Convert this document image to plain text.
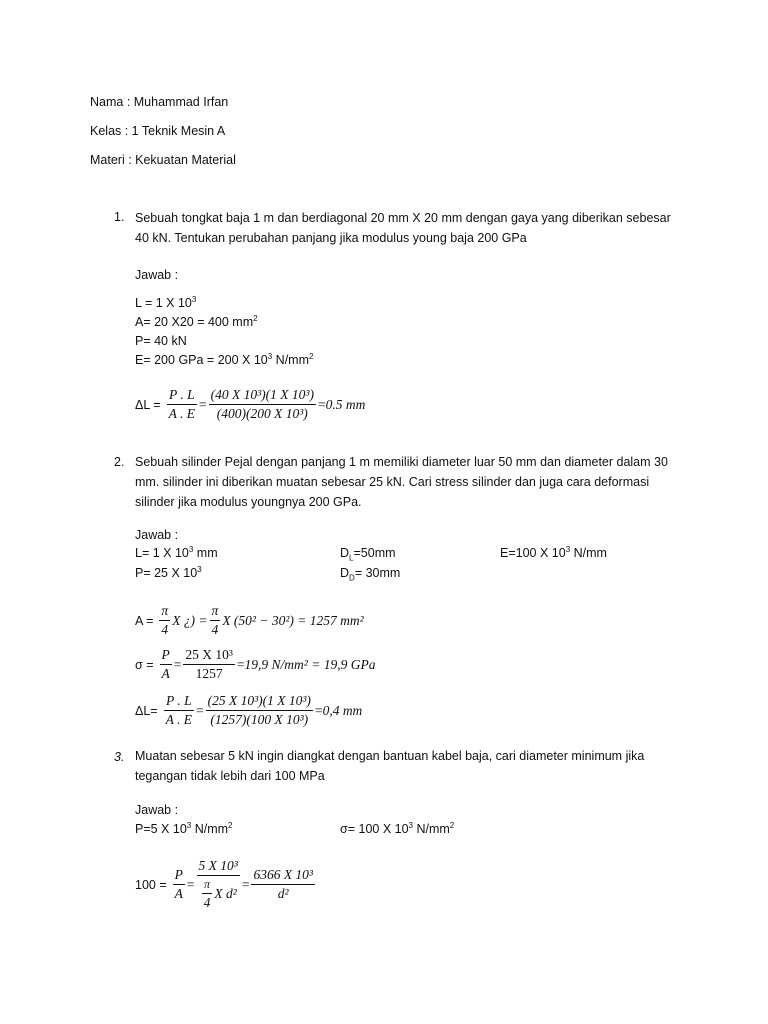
Nama : Muhammad Irfan
Kelas : 1 Teknik Mesin A
Materi : Kekuatan Material
1. Sebuah tongkat baja 1 m dan berdiagonal 20 mm X 20 mm dengan gaya yang diberikan sebesar 40 kN. Tentukan perubahan panjang jika modulus young baja 200 GPa
Jawab :
L = 1 X $10^3$
A= 20 X20 = 400 $mm^2$
P= 40 kN
E= 200 GPa = 200 X $10^3$ $N/mm^2$
$\Delta L = \frac{P . L}{A . E} = \frac{\text{(40 X 10³)(1 X 10³)}}{\text{(400)(200 X 10³)}} = 0.5$ mm
2. Sebuah silinder Pejal dengan panjang 1 m memiliki diameter luar 50 mm dan diameter dalam 30 mm. silinder ini diberikan muatan sebesar 25 kN. Cari stress silinder dan juga cara deformasi silinder jika modulus youngnya 200 GPa.
Jawab :
L= 1 X $10^3$ mm
P= 25 X $10^3$
$D_L=50mm$
$D_D= 30mm$
E=100 X $10^3$ N/mm
$A = \frac{\pi}{4}$ X ¿) = $\frac{\pi}{4}$ X (50² − 30²) = 1257 mm²
$\sigma = \frac{P}{A} = \frac{\text{25 X 10³}}{1257} = 19,9$ N/mm² = 19,9 GPa
$\Delta L= \frac{P . L}{A . E} = \frac{\text{(25 X 10³)(1 X 10³)}}{\text{(1257)(100 X 10³)}} = 0,4$ mm
3. Muatan sebesar 5 kN ingin diangkat dengan bantuan kabel baja, cari diameter minimum jika tegangan tidak lebih dari 100 MPa
Jawab :
P=5 X $10^3$ $N/mm^2$	σ= 100 X $10^3$ $N/mm^2$
$100 = \frac{P}{A} = \frac{\text{5 X 10³}}{\frac{\pi}{4} X d^2} = \frac{\text{6366 X 10³}}{\text{d²}}$
